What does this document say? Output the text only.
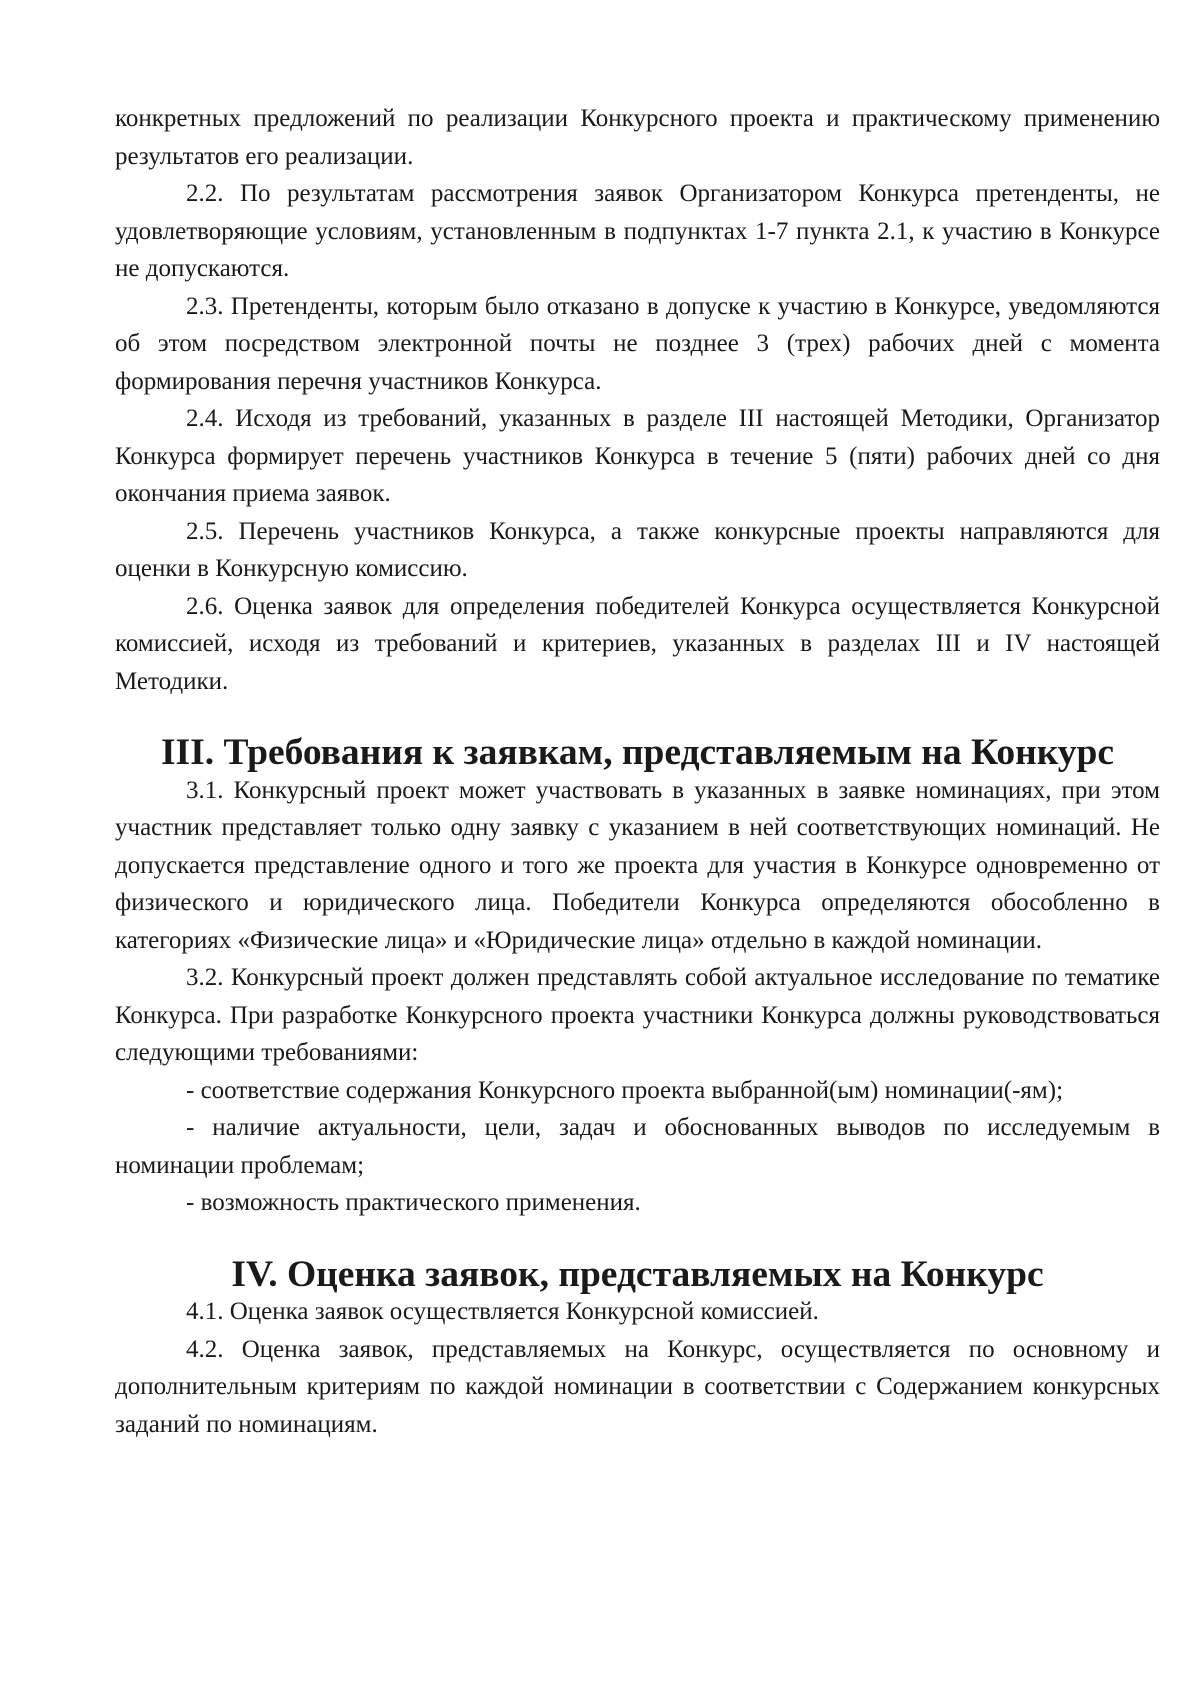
конкретных предложений по реализации Конкурсного проекта и практическому применению результатов его реализации.

2.2. По результатам рассмотрения заявок Организатором Конкурса претенденты, не удовлетворяющие условиям, установленным в подпунктах 1-7 пункта 2.1, к участию в Конкурсе не допускаются.

2.3. Претенденты, которым было отказано в допуске к участию в Конкурсе, уведомляются об этом посредством электронной почты не позднее 3 (трех) рабочих дней с момента формирования перечня участников Конкурса.

2.4. Исходя из требований, указанных в разделе III настоящей Методики, Организатор Конкурса формирует перечень участников Конкурса в течение 5 (пяти) рабочих дней со дня окончания приема заявок.

2.5. Перечень участников Конкурса, а также конкурсные проекты направляются для оценки в Конкурсную комиссию.

2.6. Оценка заявок для определения победителей Конкурса осуществляется Конкурсной комиссией, исходя из требований и критериев, указанных в разделах III и IV настоящей Методики.

III. Требования к заявкам, представляемым на Конкурс

3.1. Конкурсный проект может участвовать в указанных в заявке номинациях, при этом участник представляет только одну заявку с указанием в ней соответствующих номинаций. Не допускается представление одного и того же проекта для участия в Конкурсе одновременно от физического и юридического лица. Победители Конкурса определяются обособленно в категориях «Физические лица» и «Юридические лица» отдельно в каждой номинации.

3.2. Конкурсный проект должен представлять собой актуальное исследование по тематике Конкурса. При разработке Конкурсного проекта участники Конкурса должны руководствоваться следующими требованиями:

- соответствие содержания Конкурсного проекта выбранной(ым) номинации(-ям);

- наличие актуальности, цели, задач и обоснованных выводов по исследуемым в номинации проблемам;

- возможность практического применения.

IV. Оценка заявок, представляемых на Конкурс

4.1. Оценка заявок осуществляется Конкурсной комиссией.

4.2. Оценка заявок, представляемых на Конкурс, осуществляется по основному и дополнительным критериям по каждой номинации в соответствии с Содержанием конкурсных заданий по номинациям.
